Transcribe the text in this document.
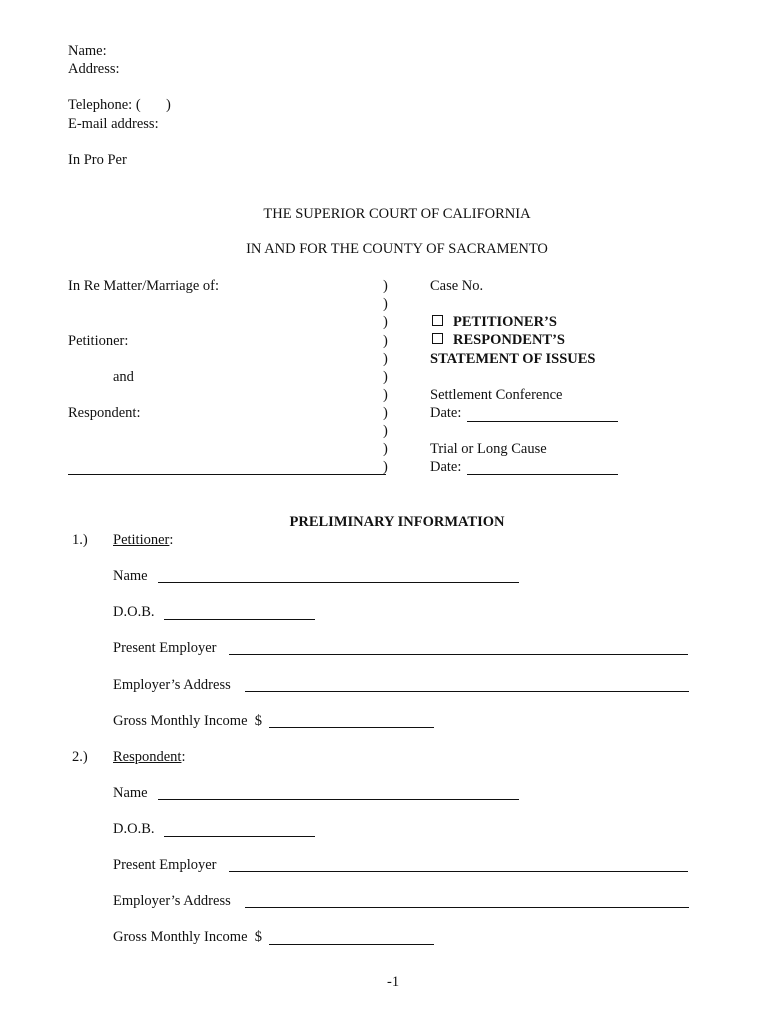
Name:
Address:
Telephone: (       )
E-mail address:
In Pro Per
THE SUPERIOR COURT OF CALIFORNIA
IN AND FOR THE COUNTY OF SACRAMENTO
In Re Matter/Marriage of:
Petitioner:
and
Respondent:
)
)
)
)
)
)
)
)
)
)
)
Case No.
PETITIONER’S
RESPONDENT’S
STATEMENT OF ISSUES
Settlement Conference
Date:
Trial or Long Cause
Date:
PRELIMINARY INFORMATION
1.) Petitioner:
Name
D.O.B.
Present Employer
Employer’s Address
Gross Monthly Income  $
2.) Respondent:
Name
D.O.B.
Present Employer
Employer’s Address
Gross Monthly Income  $
-1
